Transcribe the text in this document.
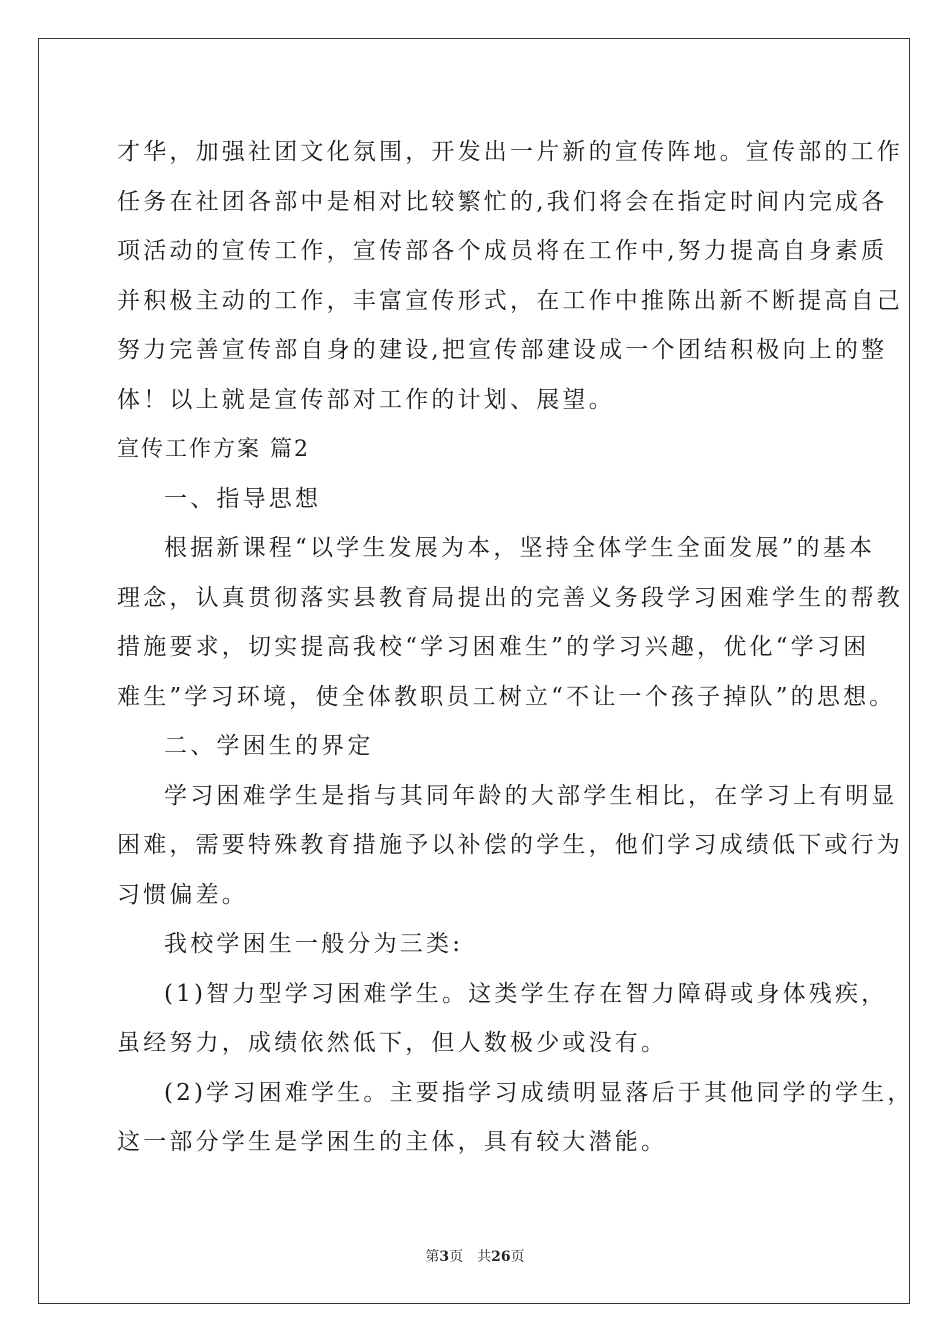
才华，加强社团文化氛围，开发出一片新的宣传阵地。宣传部的工作
任务在社团各部中是相对比较繁忙的,我们将会在指定时间内完成各
项活动的宣传工作，宣传部各个成员将在工作中,努力提高自身素质
并积极主动的工作，丰富宣传形式，在工作中推陈出新不断提高自己
努力完善宣传部自身的建设,把宣传部建设成一个团结积极向上的整
体！以上就是宣传部对工作的计划、展望。
宣传工作方案 篇2
一、指导思想
根据新课程“以学生发展为本，坚持全体学生全面发展”的基本
理念，认真贯彻落实县教育局提出的完善义务段学习困难学生的帮教
措施要求，切实提高我校“学习困难生”的学习兴趣，优化“学习困
难生”学习环境，使全体教职员工树立“不让一个孩子掉队”的思想。
二、学困生的界定
学习困难学生是指与其同年龄的大部学生相比，在学习上有明显
困难，需要特殊教育措施予以补偿的学生，他们学习成绩低下或行为
习惯偏差。
我校学困生一般分为三类:
(1)智力型学习困难学生。这类学生存在智力障碍或身体残疾，
虽经努力，成绩依然低下，但人数极少或没有。
(2)学习困难学生。主要指学习成绩明显落后于其他同学的学生，
这一部分学生是学困生的主体，具有较大潜能。
第3页 共26页
